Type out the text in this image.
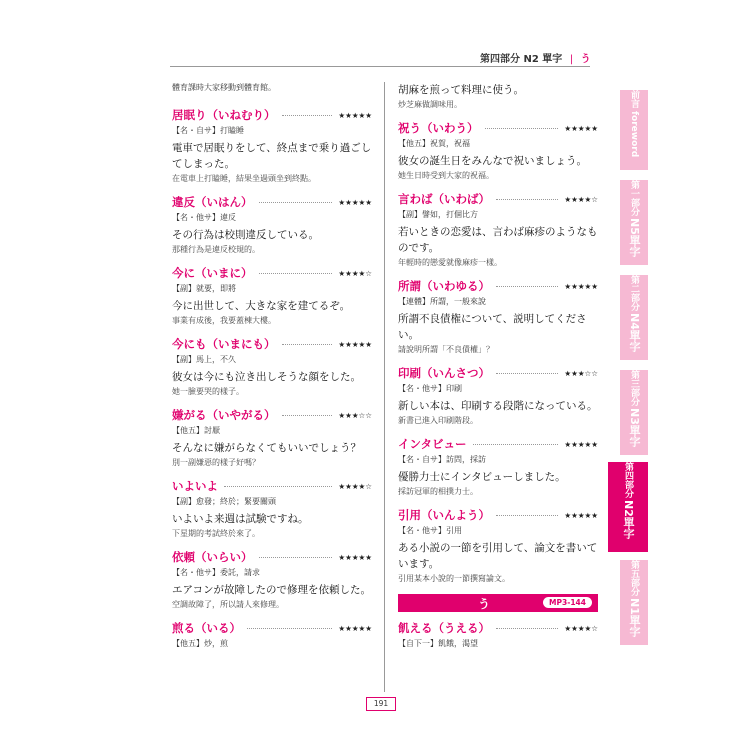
第四部分 N2 單字 | う
體育課時大家移動到體育館。
居眠り（いねむり）	★★★★★
【名・自サ】打瞌睡
電車で居眠りをして、終点まで乗り過ごしてしまった。
在電車上打瞌睡，結果坐過頭坐到終點。
違反（いはん）	★★★★★
【名・他サ】違反
その行為は校則違反している。
那種行為是違反校規的。
今に（いまに）	★★★★☆
【副】就要，即將
今に出世して、大きな家を建てるぞ。
事業有成後，我要蓋棟大樓。
今にも（いまにも）	★★★★★
【副】馬上，不久
彼女は今にも泣き出しそうな顔をした。
她一臉要哭的樣子。
嫌がる（いやがる）	★★★☆☆
【他五】討厭
そんなに嫌がらなくてもいいでしょう？
別一副嫌惡的樣子好嗎？
いよいよ	★★★★☆
【副】愈發；終於；緊要關頭
いよいよ来週は試験ですね。
下星期的考試終於來了。
依頼（いらい）	★★★★★
【名・他サ】委託，請求
エアコンが故障したので修理を依頼した。
空調故障了，所以請人來修理。
煎る（いる）	★★★★★
【他五】炒，煎
胡麻を煎って料理に使う。
炒芝麻做調味用。
祝う（いわう）	★★★★★
【他五】祝賀，祝福
彼女の誕生日をみんなで祝いましょう。
她生日時受到大家的祝福。
言わば（いわば）	★★★★☆
【副】譬如，打個比方
若いときの恋愛は、言わば麻疹のようなものです。
年輕時的戀愛就像麻疹一樣。
所謂（いわゆる）	★★★★★
【連體】所謂，一般來說
所謂不良債権について、説明してください。
請說明所謂「不良債權」？
印刷（いんさつ）	★★★☆☆
【名・他サ】印刷
新しい本は、印刷する段階になっている。
新書已進入印刷階段。
インタビュー	★★★★★
【名・自サ】訪問，採訪
優勝力士にインタビューしました。
採訪冠軍的相撲力士。
引用（いんよう）	★★★★★
【名・他サ】引用
ある小説の一節を引用して、論文を書いています。
引用某本小說的一節撰寫論文。
う	MP3-144
飢える（うえる）	★★★★☆
【自下一】飢餓，渴望
前言 foreword
第一部分
N5單字
第二部分
N4單字
第三部分
N3單字
第四部分
N2單字
第五部分
N1單字
191
